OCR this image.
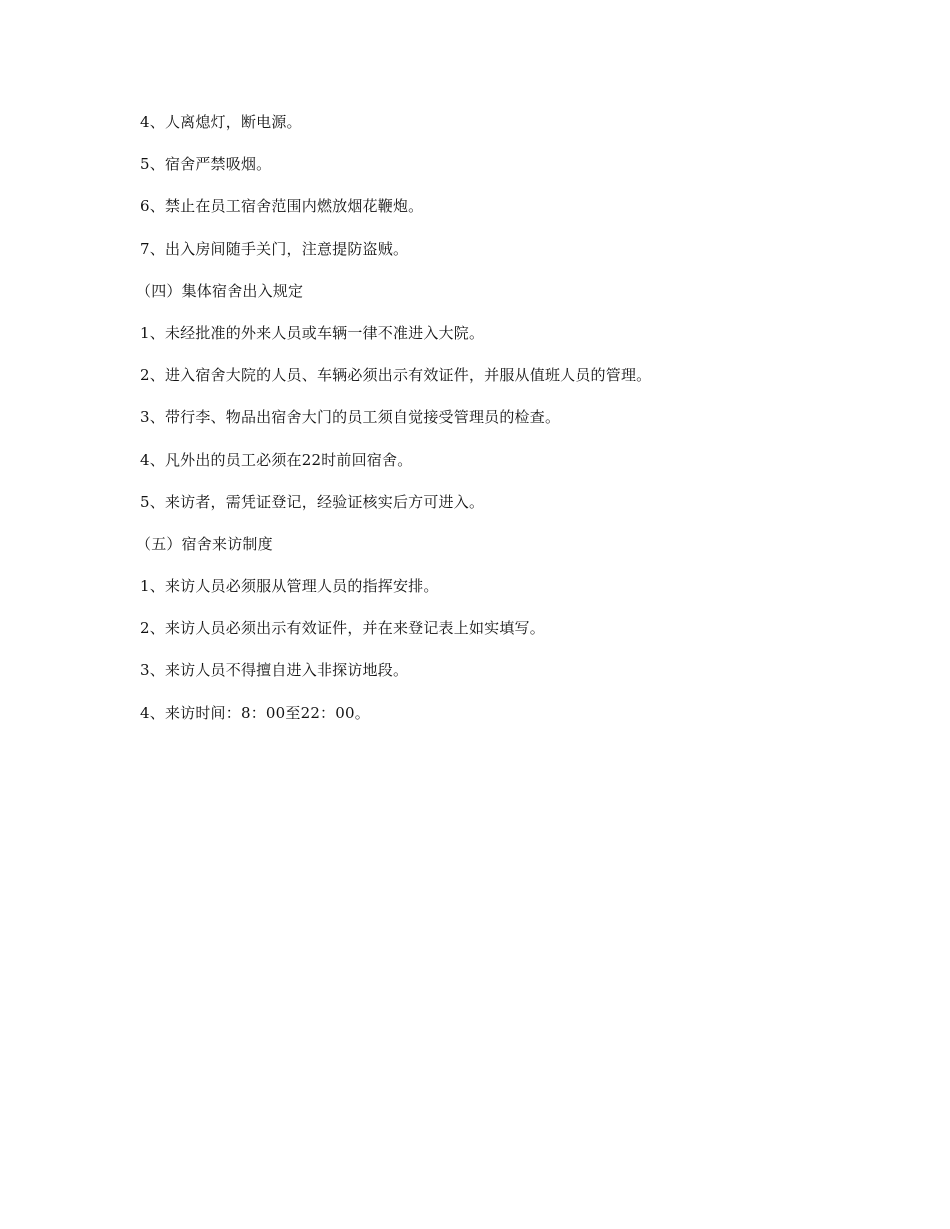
4、人离熄灯，断电源。

5、宿舍严禁吸烟。

6、禁止在员工宿舍范围内燃放烟花鞭炮。

7、出入房间随手关门，注意提防盗贼。

（四）集体宿舍出入规定

1、未经批准的外来人员或车辆一律不准进入大院。

2、进入宿舍大院的人员、车辆必须出示有效证件，并服从值班人员的管理。

3、带行李、物品出宿舍大门的员工须自觉接受管理员的检查。

4、凡外出的员工必须在22时前回宿舍。

5、来访者，需凭证登记，经验证核实后方可进入。

（五）宿舍来访制度

1、来访人员必须服从管理人员的指挥安排。

2、来访人员必须出示有效证件，并在来登记表上如实填写。

3、来访人员不得擅自进入非探访地段。

4、来访时间：8：00至22：00。
